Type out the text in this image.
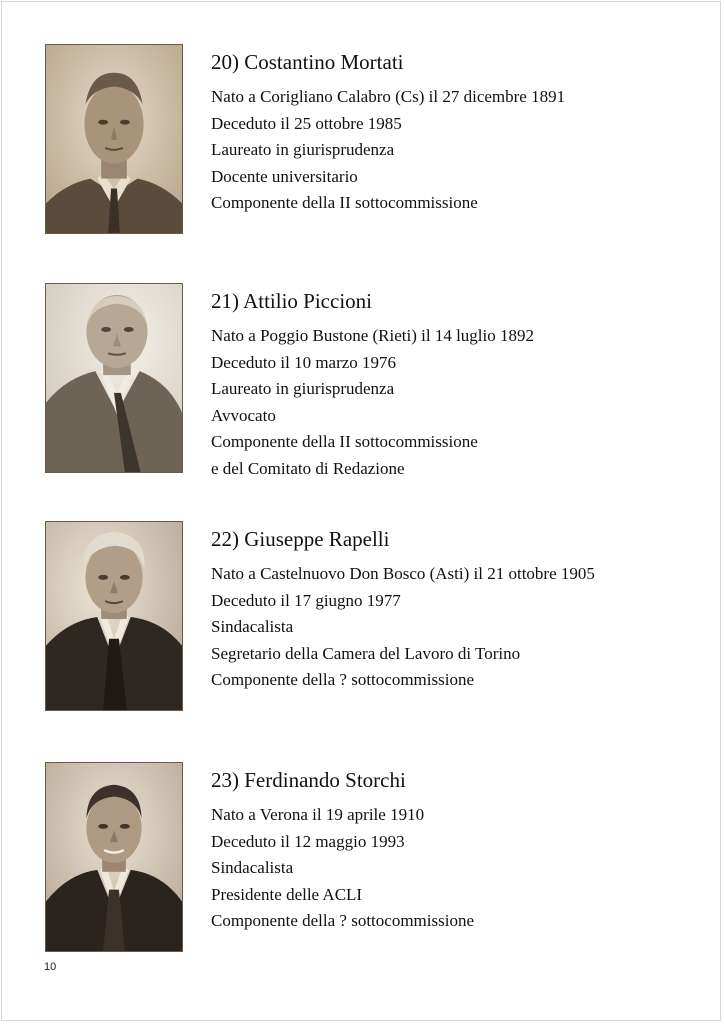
20) Costantino Mortati

Nato a Corigliano Calabro (Cs) il 27 dicembre 1891

Deceduto il 25 ottobre 1985

Laureato in giurisprudenza

Docente universitario

Componente della II sottocommissione

21) Attilio Piccioni

Nato a Poggio Bustone (Rieti) il 14 luglio 1892

Deceduto il 10 marzo 1976

Laureato in giurisprudenza

Avvocato

Componente della II sottocommissione

e del Comitato di Redazione

22) Giuseppe Rapelli

Nato a Castelnuovo Don Bosco (Asti) il 21 ottobre 1905

Deceduto il 17 giugno 1977

Sindacalista

Segretario della Camera del Lavoro di Torino

Componente della ? sottocommissione

23) Ferdinando Storchi

Nato a Verona il 19 aprile 1910

Deceduto il 12 maggio 1993

Sindacalista

Presidente delle ACLI

Componente della ? sottocommissione

10
